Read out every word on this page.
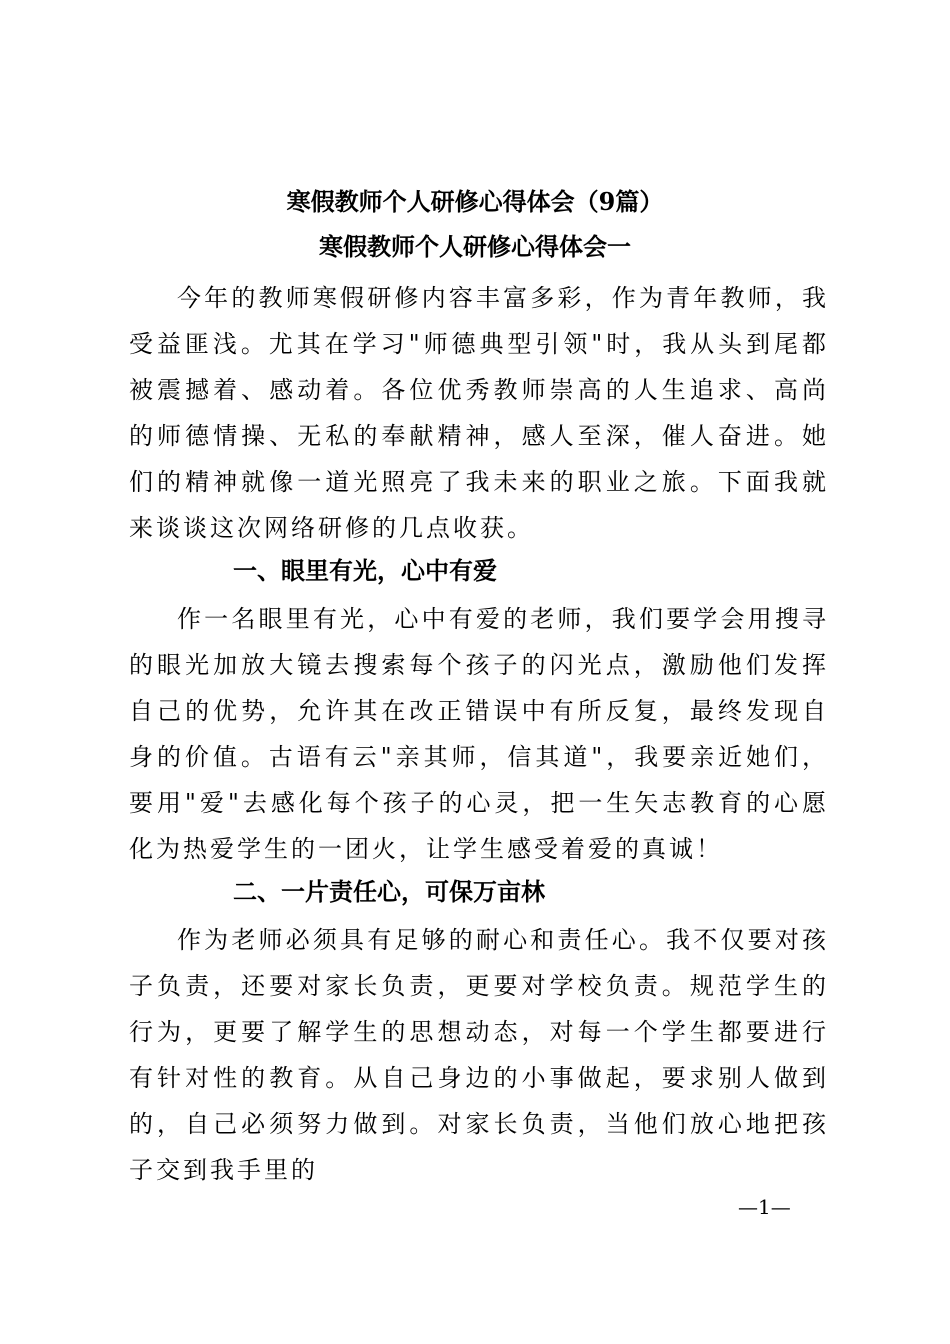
寒假教师个人研修心得体会（9篇）
寒假教师个人研修心得体会一

今年的教师寒假研修内容丰富多彩，作为青年教师，我受益匪浅。尤其在学习"师德典型引领"时，我从头到尾都被震撼着、感动着。各位优秀教师崇高的人生追求、高尚的师德情操、无私的奉献精神，感人至深，催人奋进。她们的精神就像一道光照亮了我未来的职业之旅。下面我就来谈谈这次网络研修的几点收获。

一、眼里有光，心中有爱

作一名眼里有光，心中有爱的老师，我们要学会用搜寻的眼光加放大镜去搜索每个孩子的闪光点，激励他们发挥自己的优势，允许其在改正错误中有所反复，最终发现自身的价值。古语有云"亲其师，信其道"，我要亲近她们，要用"爱"去感化每个孩子的心灵，把一生矢志教育的心愿化为热爱学生的一团火，让学生感受着爱的真诚！

二、一片责任心，可保万亩林

作为老师必须具有足够的耐心和责任心。我不仅要对孩子负责，还要对家长负责，更要对学校负责。规范学生的行为，更要了解学生的思想动态，对每一个学生都要进行有针对性的教育。从自己身边的小事做起，要求别人做到的，自己必须努力做到。对家长负责，当他们放心地把孩子交到我手里的

—1—
